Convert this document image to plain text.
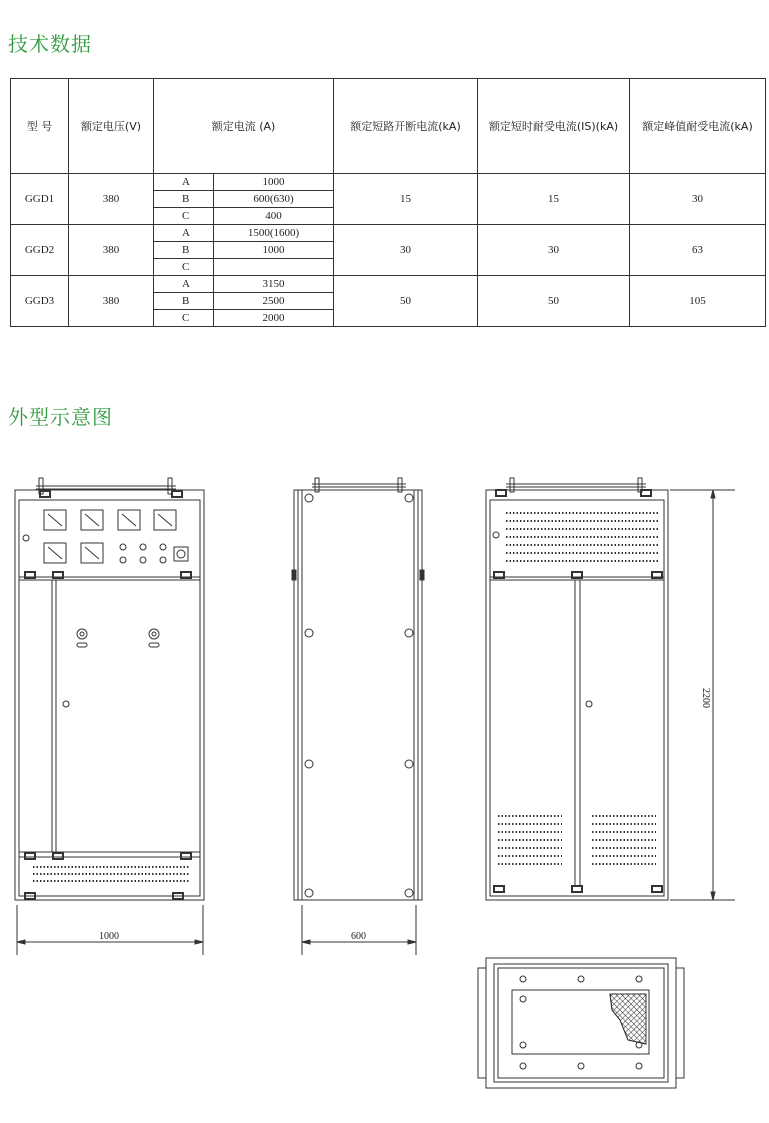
技术数据
型 号	额定电压(V)	额定电流 (A)		额定短路开断电流(kA)	额定短时耐受电流(IS)(kA)	额定峰值耐受电流(kA)
GGD1	380	A	1000	15	15	30
		B	600(630)			
		C	400			
GGD2	380	A	1500(1600)	30	30	63
		B	1000			
		C				
GGD3	380	A	3150	50	50	105
		B	2500			
		C	2000			
外型示意图
1000	600
2200
